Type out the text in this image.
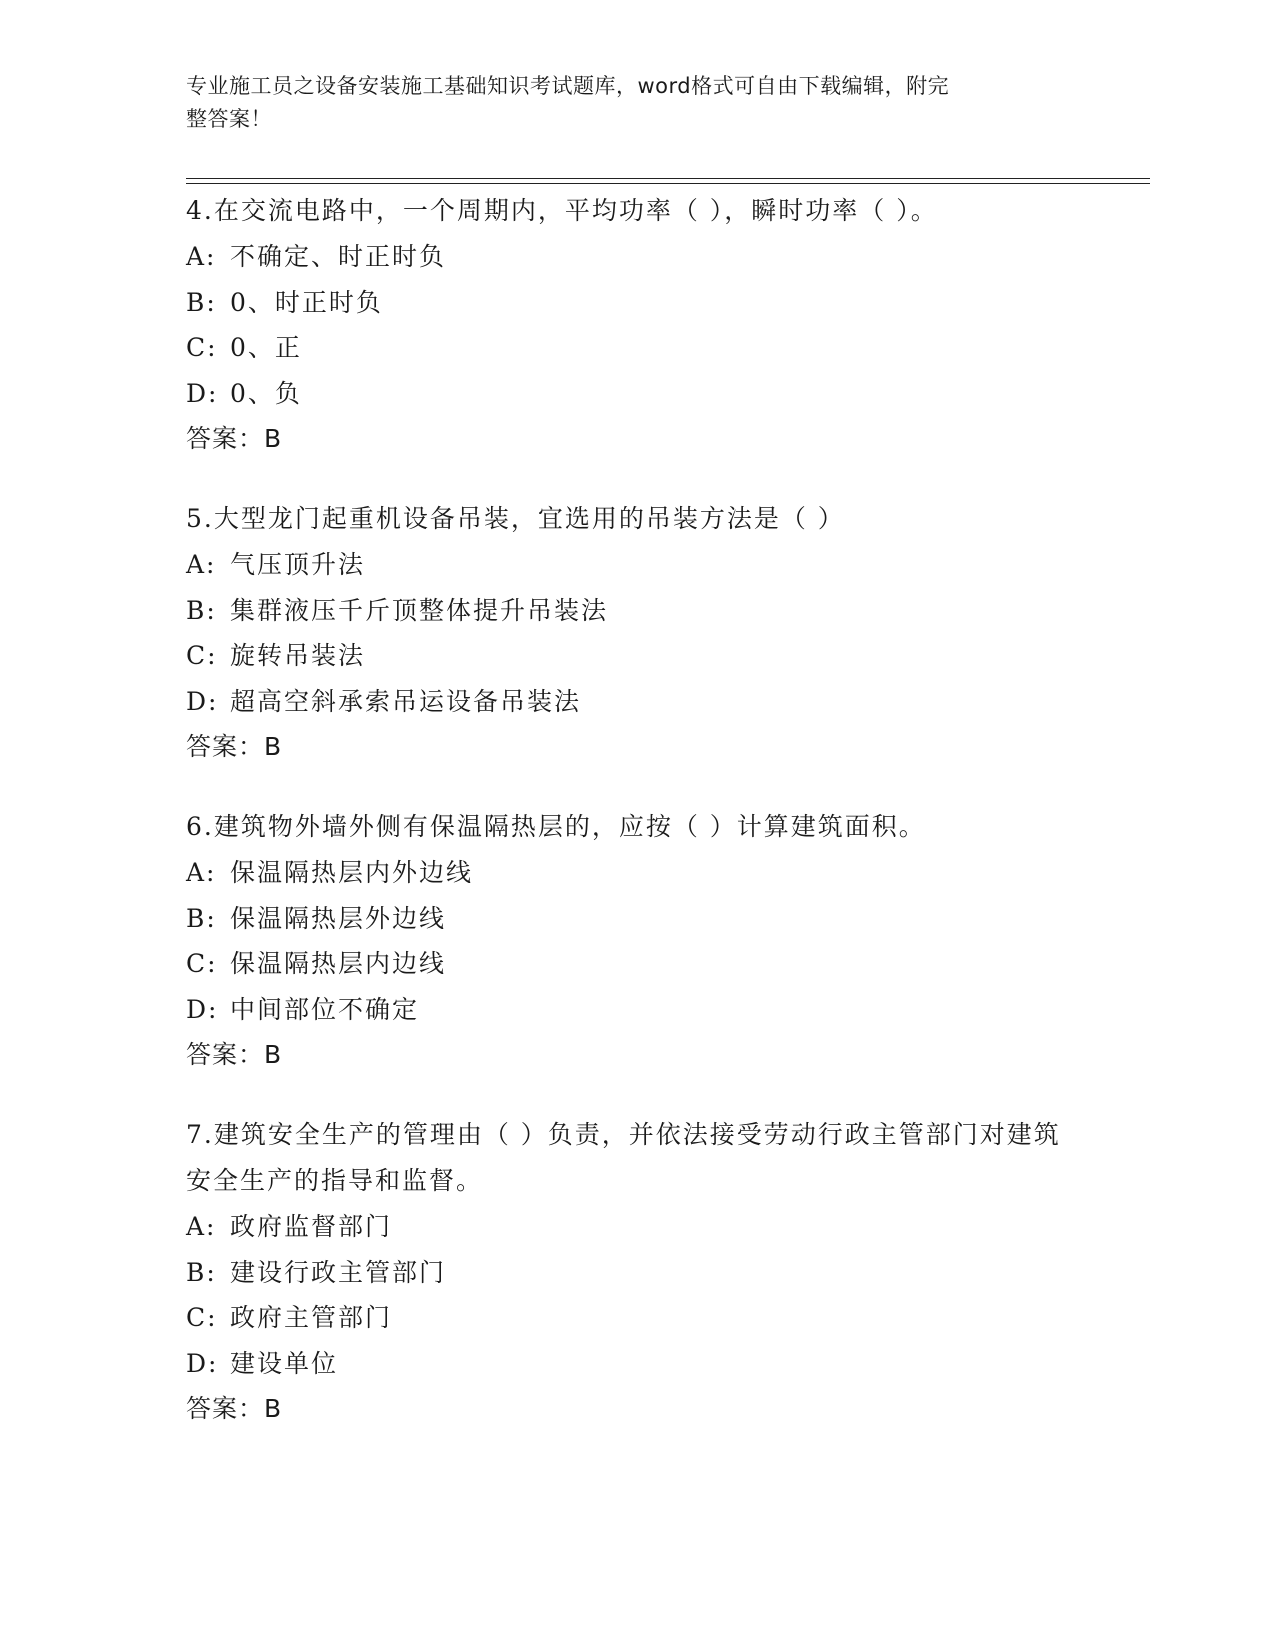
专业施工员之设备安装施工基础知识考试题库，word格式可自由下载编辑，附完
整答案！

4.在交流电路中，一个周期内，平均功率（ ），瞬时功率（ ）。

A: 不确定、时正时负

B: 0、时正时负

C: 0、正

D: 0、负

答案：B

5.大型龙门起重机设备吊装，宜选用的吊装方法是（ ）

A: 气压顶升法

B: 集群液压千斤顶整体提升吊装法

C: 旋转吊装法

D: 超高空斜承索吊运设备吊装法

答案：B

6.建筑物外墙外侧有保温隔热层的，应按（ ）计算建筑面积。

A: 保温隔热层内外边线

B: 保温隔热层外边线

C: 保温隔热层内边线

D: 中间部位不确定

答案：B

7.建筑安全生产的管理由（ ）负责，并依法接受劳动行政主管部门对建筑安全生产的指导和监督。

A: 政府监督部门

B: 建设行政主管部门

C: 政府主管部门

D: 建设单位

答案：B
